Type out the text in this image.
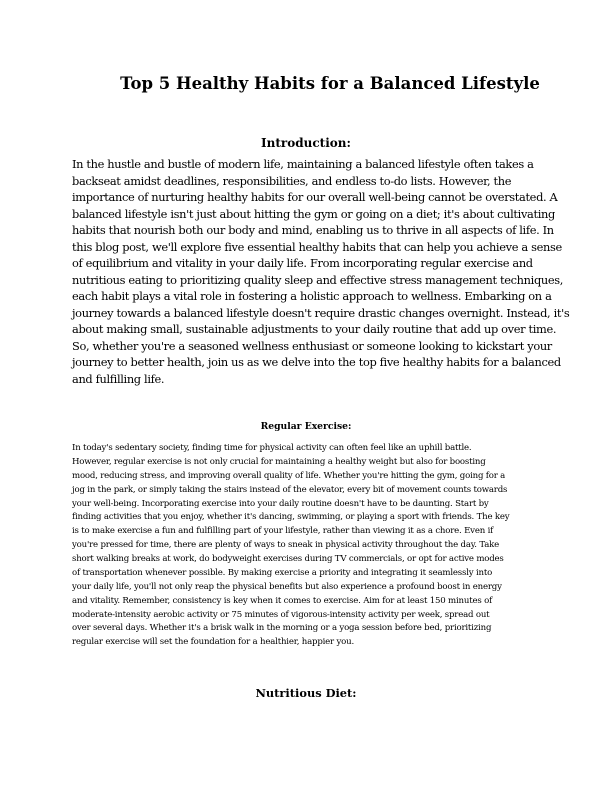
Top 5 Healthy Habits for a Balanced Lifestyle
Introduction:

In the hustle and bustle of modern life, maintaining a balanced lifestyle often takes a
backseat amidst deadlines, responsibilities, and endless to-do lists. However, the
importance of nurturing healthy habits for our overall well-being cannot be overstated. A
balanced lifestyle isn't just about hitting the gym or going on a diet; it's about cultivating
habits that nourish both our body and mind, enabling us to thrive in all aspects of life. In
this blog post, we'll explore five essential healthy habits that can help you achieve a sense
of equilibrium and vitality in your daily life. From incorporating regular exercise and
nutritious eating to prioritizing quality sleep and effective stress management techniques,
each habit plays a vital role in fostering a holistic approach to wellness. Embarking on a
journey towards a balanced lifestyle doesn't require drastic changes overnight. Instead, it's
about making small, sustainable adjustments to your daily routine that add up over time.
So, whether you're a seasoned wellness enthusiast or someone looking to kickstart your
journey to better health, join us as we delve into the top five healthy habits for a balanced
and fulfilling life.

Regular Exercise:

In today's sedentary society, finding time for physical activity can often feel like an uphill battle.
However, regular exercise is not only crucial for maintaining a healthy weight but also for boosting
mood, reducing stress, and improving overall quality of life. Whether you're hitting the gym, going for a
jog in the park, or simply taking the stairs instead of the elevator, every bit of movement counts towards
your well-being. Incorporating exercise into your daily routine doesn't have to be daunting. Start by
finding activities that you enjoy, whether it's dancing, swimming, or playing a sport with friends. The key
is to make exercise a fun and fulfilling part of your lifestyle, rather than viewing it as a chore. Even if
you're pressed for time, there are plenty of ways to sneak in physical activity throughout the day. Take
short walking breaks at work, do bodyweight exercises during TV commercials, or opt for active modes
of transportation whenever possible. By making exercise a priority and integrating it seamlessly into
your daily life, you'll not only reap the physical benefits but also experience a profound boost in energy
and vitality. Remember, consistency is key when it comes to exercise. Aim for at least 150 minutes of
moderate-intensity aerobic activity or 75 minutes of vigorous-intensity activity per week, spread out
over several days. Whether it's a brisk walk in the morning or a yoga session before bed, prioritizing
regular exercise will set the foundation for a healthier, happier you.

Nutritious Diet:
